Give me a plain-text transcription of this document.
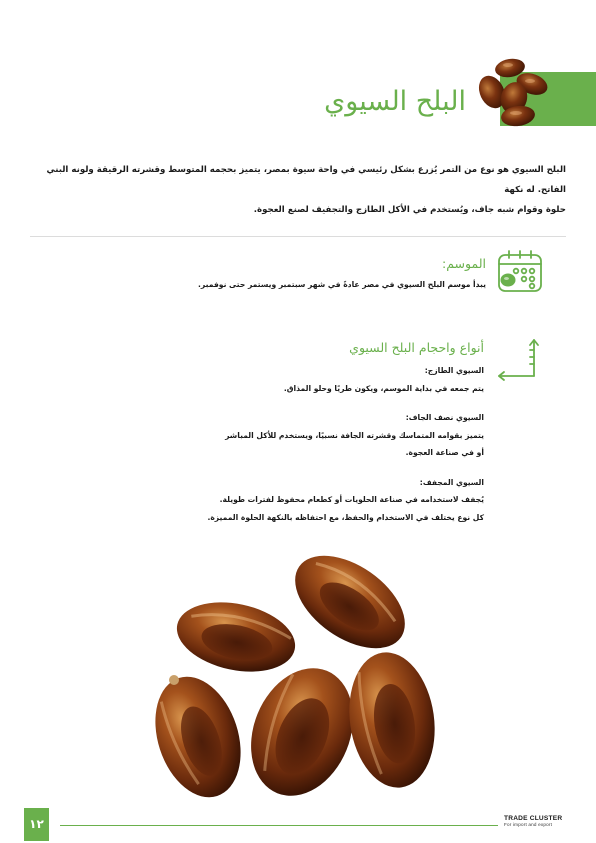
البلح السيوي
البلح السيوي هو نوع من التمر يُزرع بشكل رئيسي في واحة سيوة بمصر، يتميز بحجمه المتوسط وقشرته الرقيقة ولونه البني الفاتح. له نكهة
حلوة وقوام شبه جاف، ويُستخدم في الأكل الطازج والتجفيف لصنع العجوة.
الموسم:

يبدأ موسم البلح السيوي في مصر عادةً في شهر سبتمبر ويستمر حتى نوفمبر.

أنواع واحجام البلح السيوي

السيوي الطازج:

يتم جمعه في بداية الموسم، ويكون طريًا وحلو المذاق.

السيوي نصف الجاف:

يتميز بقوامه المتماسك وقشرته الجافة نسبيًا، ويستخدم للأكل المباشر

أو في صناعة العجوة.

السيوي المجفف:

يُجفف لاستخدامه في صناعة الحلويات أو كطعام محفوظ لفترات طويلة.

كل نوع يختلف في الاستخدام والحفظ، مع احتفاظه بالنكهة الحلوة المميزة.

١٢	TRADE CLUSTER
For import and export
